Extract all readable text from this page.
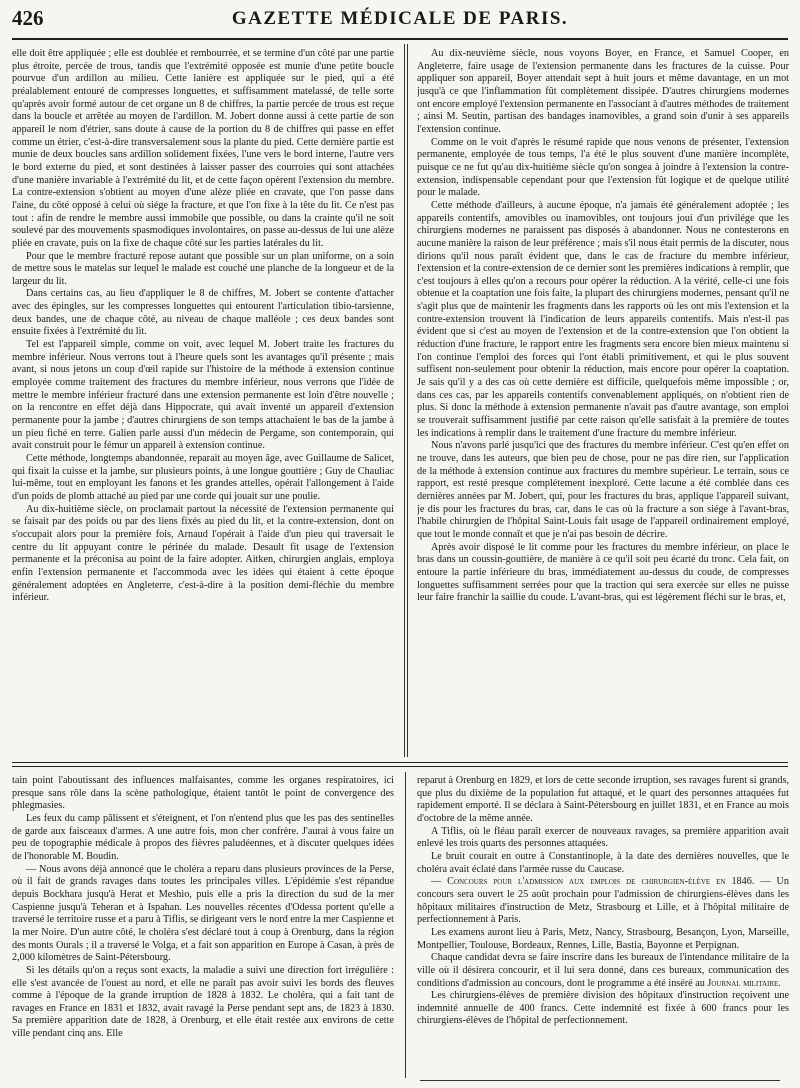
426	GAZETTE MÉDICALE DE PARIS.

elle doit être appliquée ; elle est doublée et rembourrée, et se termine d'un côté par une partie plus étroite, percée de trous, tandis que l'extrémité opposée est munie d'une petite boucle pourvue d'un ardillon au milieu. Cette lanière est appliquée sur le pied, qui a été préalablement entouré de compresses longuettes, et suffisamment matelassé, de telle sorte qu'après avoir formé autour de cet organe un 8 de chiffres, la partie percée de trous est reçue dans la boucle et arrêtée au moyen de l'ardillon. M. Jobert donne aussi à cette partie de son appareil le nom d'étrier, sans doute à cause de la portion du 8 de chiffres qui passe en effet comme un étrier, c'est-à-dire transversalement sous la plante du pied. Cette dernière partie est munie de deux boucles sans ardillon solidement fixées, l'une vers le bord interne, l'autre vers le bord externe du pied, et sont destinées à laisser passer des courroies qui sont attachées d'une manière invariable à l'extrémité du lit, et de cette façon opèrent l'extension du membre. La contre-extension s'obtient au moyen d'une alèze pliée en cravate, que l'on passe dans l'aine, du côté opposé à celui où siége la fracture, et que l'on fixe à la tête du lit. Ce n'est pas tout : afin de rendre le membre aussi immobile que possible, ou dans la crainte qu'il ne soit soulevé par des mouvements spasmodiques involontaires, on passe au-dessus de lui une alèze pliée en cravate, puis on la fixe de chaque côté sur les parties latérales du lit.

Pour que le membre fracturé repose autant que possible sur un plan uniforme, on a soin de mettre sous le matelas sur lequel le malade est couché une planche de la longueur et de la largeur du lit.

Dans certains cas, au lieu d'appliquer le 8 de chiffres, M. Jobert se contente d'attacher avec des épingles, sur les compresses longuettes qui entourent l'articulation tibio-tarsienne, deux bandes, une de chaque côté, au niveau de chaque malléole ; ces deux bandes sont ensuite fixées à l'extrémité du lit.

Tel est l'appareil simple, comme on voit, avec lequel M. Jobert traite les fractures du membre inférieur. Nous verrons tout à l'heure quels sont les avantages qu'il présente ; mais avant, si nous jetons un coup d'œil rapide sur l'histoire de la méthode à extension continue employée comme traitement des fractures du membre inférieur, nous verrons que l'idée de mettre le membre inférieur fracturé dans une extension permanente est loin d'être nouvelle ; on la rencontre en effet déjà dans Hippocrate, qui avait inventé un appareil d'extension permanente pour la jambe ; d'autres chirurgiens de son temps attachaient le bas de la jambe à un pieu fiché en terre. Galien parle aussi d'un médecin de Pergame, son contemporain, qui avait construit pour le fémur un appareil à extension continue.

Cette méthode, longtemps abandonnée, reparait au moyen âge, avec Guillaume de Salicet, qui fixait la cuisse et la jambe, sur plusieurs points, à une longue gouttière ; Guy de Chauliac lui-même, tout en employant les fanons et les grandes attelles, opérait l'allongement à l'aide d'un poids de plomb attaché au pied par une corde qui jouait sur une poulie.

Au dix-huitième siècle, on proclamait partout la nécessité de l'extension permanente qui se faisait par des poids ou par des liens fixés au pied du lit, et la contre-extension, dont on s'occupait alors pour la première fois, Arnaud l'opérait à l'aide d'un pieu qui traversait le centre du lit appuyant contre le périnée du malade. Desault fit usage de l'extension permanente et la préconisa au point de la faire adopter. Aitken, chirurgien anglais, employa enfin l'extension permanente et l'accommoda avec les idées qui étaient à cette époque généralement adoptées en Angleterre, c'est-à-dire à la position demi-fléchie du membre inférieur.

Au dix-neuvième siècle, nous voyons Boyer, en France, et Samuel Cooper, en Angleterre, faire usage de l'extension permanente dans les fractures de la cuisse. Pour appliquer son appareil, Boyer attendait sept à huit jours et même davantage, en un mot jusqu'à ce que l'inflammation fût complètement dissipée. D'autres chirurgiens modernes ont encore employé l'extension permanente en l'associant à d'autres méthodes de traitement ; ainsi M. Seutin, partisan des bandages inamovibles, a grand soin d'unir à ses appareils l'extension continue.

Comme on le voit d'après le résumé rapide que nous venons de présenter, l'extension permanente, employée de tous temps, l'a été le plus souvent d'une manière incomplète, puisque ce ne fut qu'au dix-huitième siècle qu'on songea à joindre à l'extension la contre-extension, indispensable cependant pour que l'extension fût logique et de quelque utilité pour le malade.

Cette méthode d'ailleurs, à aucune époque, n'a jamais été généralement adoptée ; les appareils contentifs, amovibles ou inamovibles, ont toujours joui d'un privilége que les chirurgiens modernes ne paraissent pas disposés à abandonner. Nous ne contesterons en aucune manière la raison de leur préférence ; mais s'il nous était permis de la discuter, nous dirions qu'il nous paraît évident que, dans le cas de fracture du membre inférieur, l'extension et la contre-extension de ce dernier sont les premières indications à remplir, que c'est toujours à elles qu'on a recours pour opérer la réduction. A la vérité, celle-ci une fois obtenue et la coaptation une fois faite, la plupart des chirurgiens modernes, pensant qu'il ne s'agit plus que de maintenir les fragments dans les rapports où les ont mis l'extension et la contre-extension trouvent là l'indication de leurs appareils contentifs. Mais n'est-il pas évident que si c'est au moyen de l'extension et de la contre-extension que l'on obtient la réduction d'une fracture, le rapport entre les fragments sera encore bien mieux maintenu si l'on continue l'emploi des forces qui l'ont établi primitivement, et qui le plus souvent suffisent non-seulement pour obtenir la réduction, mais encore pour opérer la coaptation. Je sais qu'il y a des cas où cette dernière est difficile, quelquefois même impossible ; or, dans ces cas, par les appareils contentifs convenablement appliqués, on n'obtient rien de plus. Si donc la méthode à extension permanente n'avait pas d'autre avantage, son emploi se trouverait suffisamment justifié par cette raison qu'elle satisfait à la première de toutes les indications à remplir dans le traitement d'une fracture du membre inférieur.

Nous n'avons parlé jusqu'ici que des fractures du membre inférieur. C'est qu'en effet on ne trouve, dans les auteurs, que bien peu de chose, pour ne pas dire rien, sur l'application de la méthode à extension continue aux fractures du membre supérieur. Le terrain, sous ce rapport, est resté presque complétement inexploré. Cette lacune a été comblée dans ces dernières années par M. Jobert, qui, pour les fractures du bras, applique l'appareil suivant, je dis pour les fractures du bras, car, dans le cas où la fracture a son siége à l'avant-bras, l'habile chirurgien de l'hôpital Saint-Louis fait usage de l'appareil ordinairement employé, que tout le monde connaît et que je n'ai pas besoin de décrire.

Après avoir disposé le lit comme pour les fractures du membre inférieur, on place le bras dans un coussin-gouttière, de manière à ce qu'il soit peu écarté du tronc. Cela fait, on entoure la partie inférieure du bras, immédiatement au-dessus du coude, de compresses longuettes suffisamment serrées pour que la traction qui sera exercée sur elles ne puisse leur faire franchir la saillie du coude. L'avant-bras, qui est légèrement fléchi sur le bras, et,

tain point l'aboutissant des influences malfaisantes, comme les organes respiratoires, ici presque sans rôle dans la scène pathologique, étaient tantôt le point de convergence des phlegmasies.

Les feux du camp pâlissent et s'éteignent, et l'on n'entend plus que les pas des sentinelles de garde aux faisceaux d'armes. A une autre fois, mon cher confrère. J'aurai à vous faire un peu de topographie médicale à propos des fièvres paludéennes, et à discuter quelques idées de l'honorable M. Boudin.

— Nous avons déjà annoncé que le choléra a reparu dans plusieurs provinces de la Perse, où il fait de grands ravages dans toutes les principales villes. L'épidémie s'est répandue depuis Bockhara jusqu'à Herat et Meshio, puis elle a pris la direction du sud de la mer Caspienne jusqu'à Teheran et à Ispahan. Les nouvelles récentes d'Odessa portent qu'elle a traversé le territoire russe et a paru à Tiflis, se dirigeant vers le nord entre la mer Caspienne et la mer Noire. D'un autre côté, le choléra s'est déclaré tout à coup à Orenburg, dans la région des monts Ourals ; il a traversé le Volga, et a fait son apparition en Europe à Casan, à près de 2,000 kilomètres de Saint-Pétersbourg.

Si les détails qu'on a reçus sont exacts, la maladie a suivi une direction fort irrégulière : elle s'est avancée de l'ouest au nord, et elle ne paraît pas avoir suivi les bords des fleuves comme à l'époque de la grande irruption de 1828 à 1832. Le choléra, qui a fait tant de ravages en France en 1831 et 1832, avait ravagé la Perse pendant sept ans, de 1823 à 1830. Sa première apparition date de 1828, à Orenburg, et elle était restée aux environs de cette ville pendant cinq ans. Elle

reparut à Orenburg en 1829, et lors de cette seconde irruption, ses ravages furent si grands, que plus du dixième de la population fut attaqué, et le quart des personnes attaquées fut rapidement emporté. Il se déclara à Saint-Pétersbourg en juillet 1831, et en France au mois d'octobre de la même année.

A Tiflis, où le fléau paraît exercer de nouveaux ravages, sa première apparition avait enlevé les trois quarts des personnes attaquées.

Le bruit courait en outre à Constantinople, à la date des dernières nouvelles, que le choléra avait éclaté dans l'armée russe du Caucase.

— Concours pour l'admission aux emplois de chirurgien-élève en 1846. — Un concours sera ouvert le 25 août prochain pour l'admission de chirurgiens-élèves dans les hôpitaux militaires d'instruction de Metz, Strasbourg et Lille, et à l'hôpital militaire de perfectionnement à Paris.

Les examens auront lieu à Paris, Metz, Nancy, Strasbourg, Besançon, Lyon, Marseille, Montpellier, Toulouse, Bordeaux, Rennes, Lille, Bastia, Bayonne et Perpignan.

Chaque candidat devra se faire inscrire dans les bureaux de l'intendance militaire de la ville où il désirera concourir, et il lui sera donné, dans ces bureaux, communication des conditions d'admission au concours, dont le programme a été inséré au Journal militaire.

Les chirurgiens-élèves de première division des hôpitaux d'instruction reçoivent une indemnité annuelle de 400 francs. Cette indemnité est fixée à 600 francs pour les chirurgiens-élèves de l'hôpital de perfectionnement.
